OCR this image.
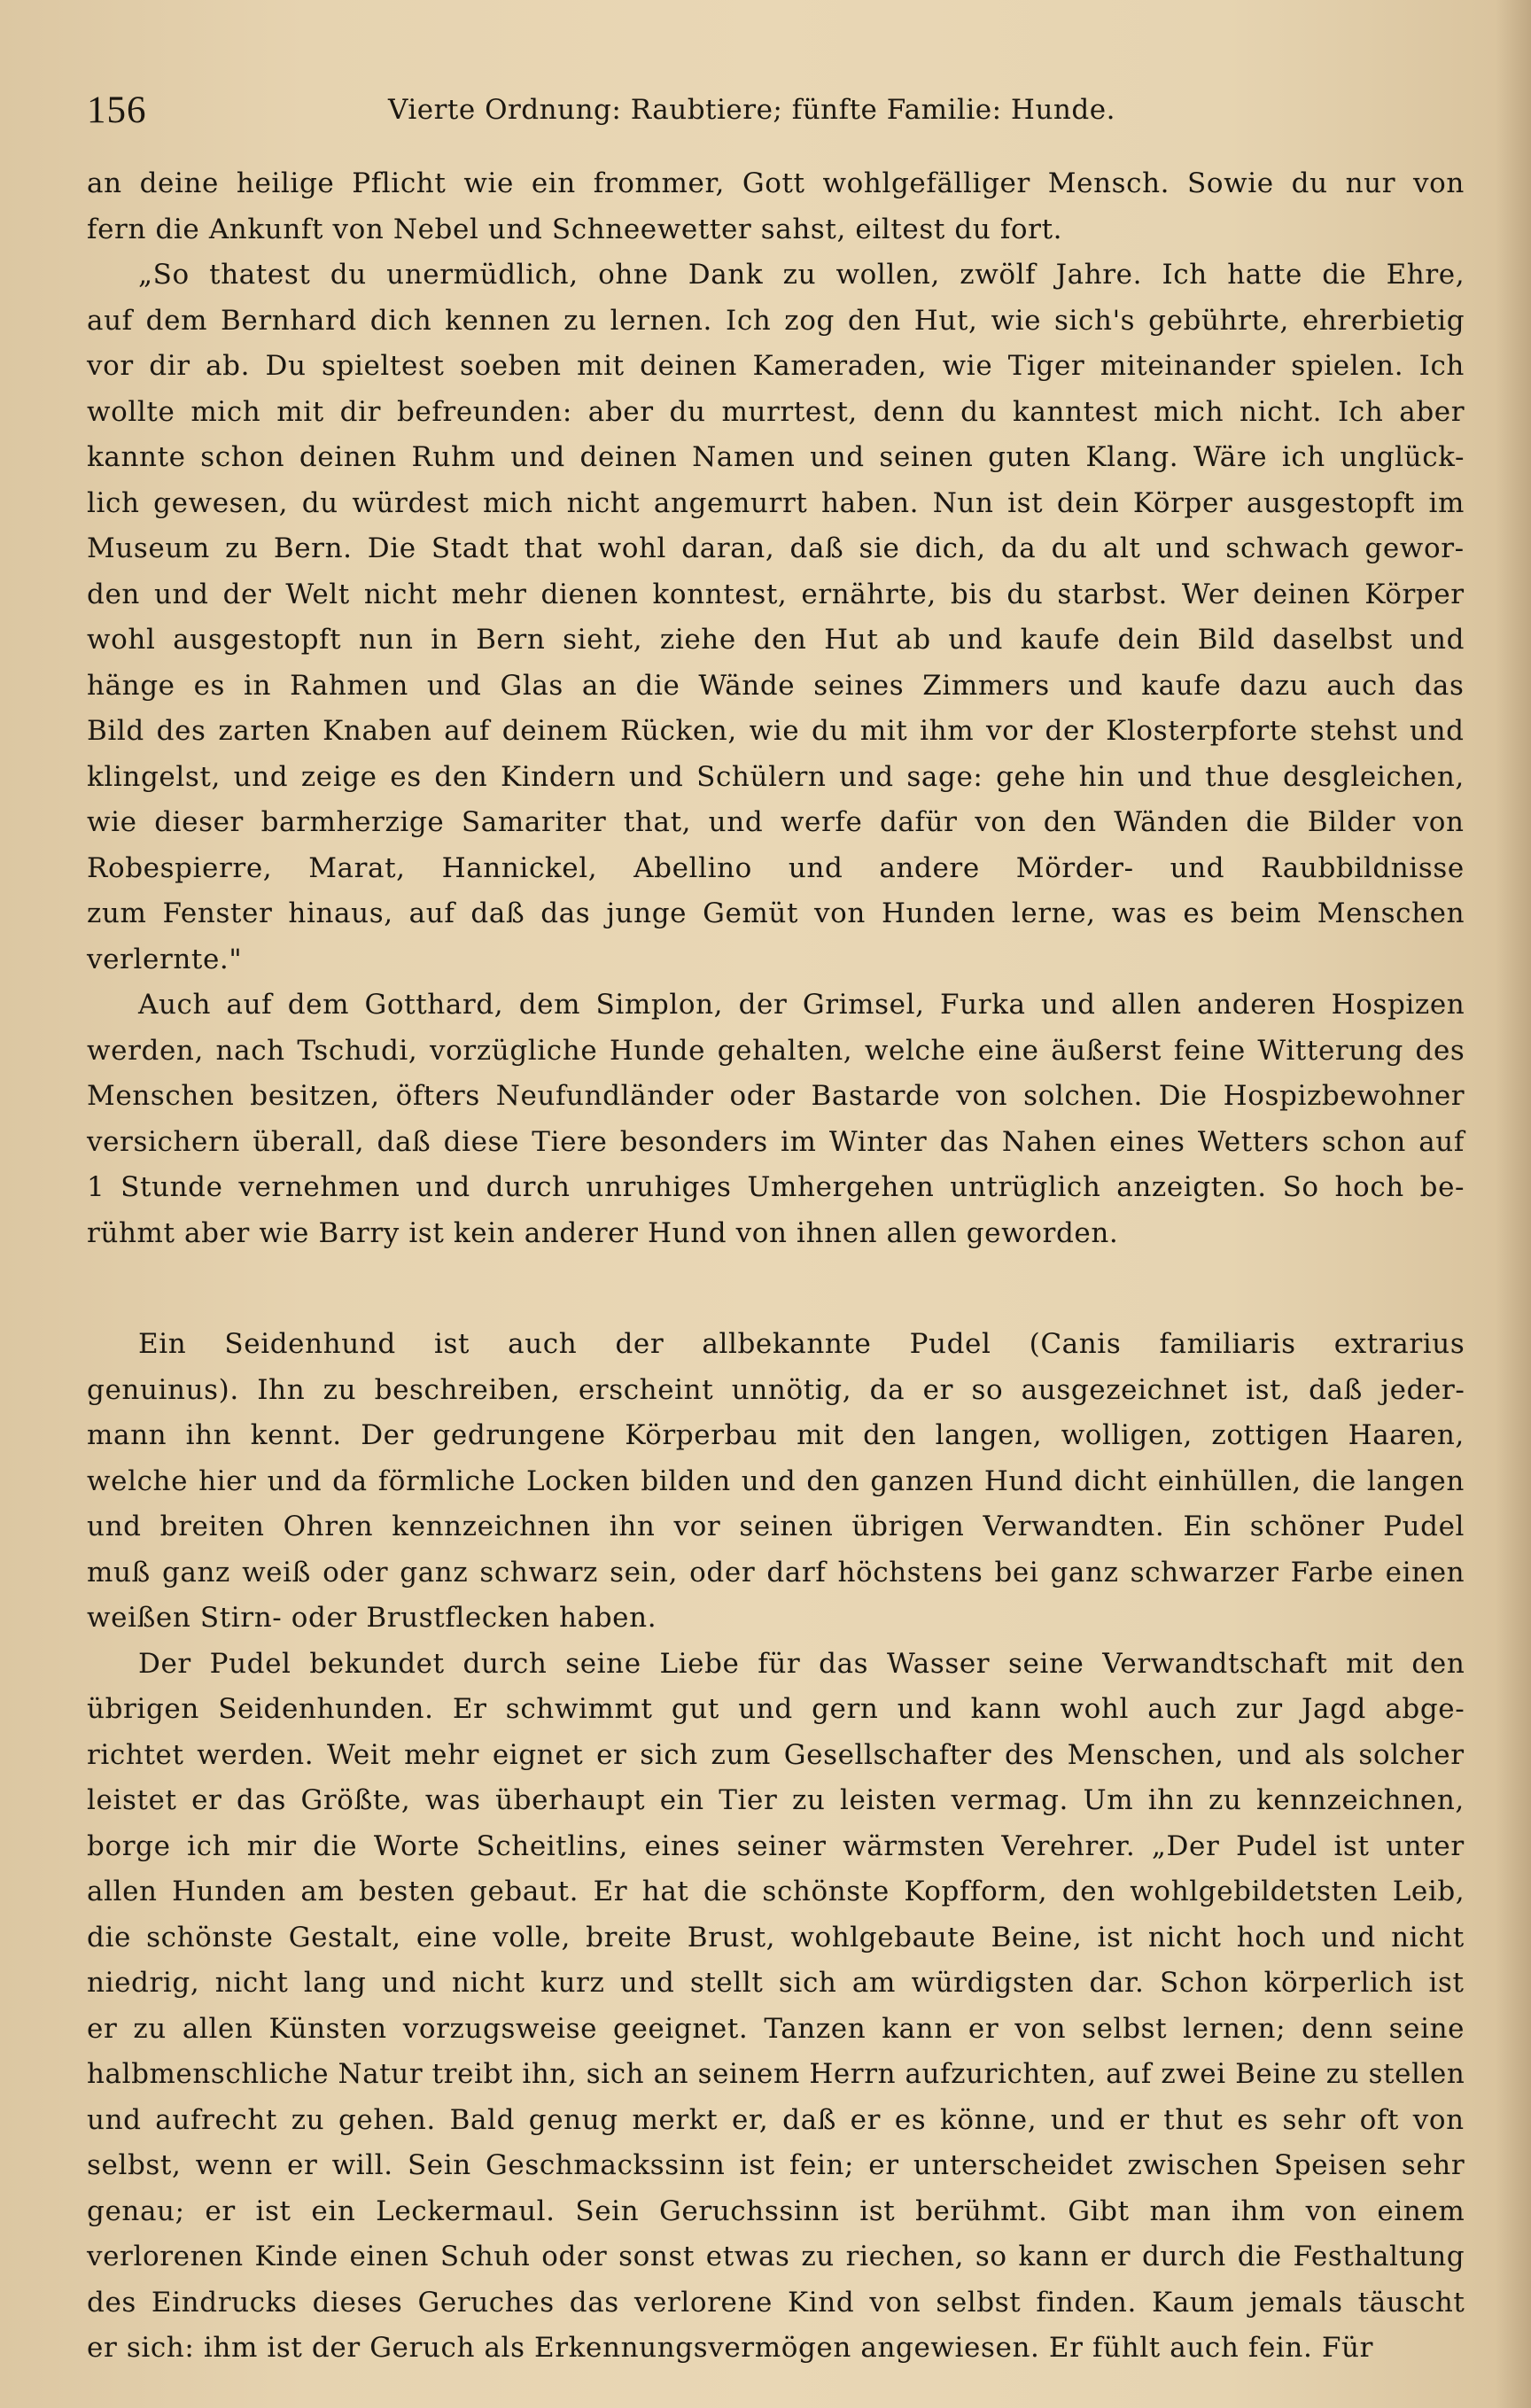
156	Vierte Ordnung: Raubtiere; fünfte Familie: Hunde.
an deine heilige Pflicht wie ein frommer, Gott wohlgefälliger Mensch. Sowie du nur von
fern die Ankunft von Nebel und Schneewetter sahst, eiltest du fort.
„So thatest du unermüdlich, ohne Dank zu wollen, zwölf Jahre. Ich hatte die Ehre,
auf dem Bernhard dich kennen zu lernen. Ich zog den Hut, wie sich's gebührte, ehrerbietig
vor dir ab. Du spieltest soeben mit deinen Kameraden, wie Tiger miteinander spielen. Ich
wollte mich mit dir befreunden: aber du murrtest, denn du kanntest mich nicht. Ich aber
kannte schon deinen Ruhm und deinen Namen und seinen guten Klang. Wäre ich unglück-
lich gewesen, du würdest mich nicht angemurrt haben. Nun ist dein Körper ausgestopft im
Museum zu Bern. Die Stadt that wohl daran, daß sie dich, da du alt und schwach gewor-
den und der Welt nicht mehr dienen konntest, ernährte, bis du starbst. Wer deinen Körper
wohl ausgestopft nun in Bern sieht, ziehe den Hut ab und kaufe dein Bild daselbst und
hänge es in Rahmen und Glas an die Wände seines Zimmers und kaufe dazu auch das
Bild des zarten Knaben auf deinem Rücken, wie du mit ihm vor der Klosterpforte stehst und
klingelst, und zeige es den Kindern und Schülern und sage: gehe hin und thue desgleichen,
wie dieser barmherzige Samariter that, und werfe dafür von den Wänden die Bilder von
Robespierre, Marat, Hannickel, Abellino und andere Mörder- und Raubbildnisse
zum Fenster hinaus, auf daß das junge Gemüt von Hunden lerne, was es beim Menschen
verlernte."
Auch auf dem Gotthard, dem Simplon, der Grimsel, Furka und allen anderen Hospizen
werden, nach Tschudi, vorzügliche Hunde gehalten, welche eine äußerst feine Witterung des
Menschen besitzen, öfters Neufundländer oder Bastarde von solchen. Die Hospizbewohner
versichern überall, daß diese Tiere besonders im Winter das Nahen eines Wetters schon auf
1 Stunde vernehmen und durch unruhiges Umhergehen untrüglich anzeigten. So hoch be-
rühmt aber wie Barry ist kein anderer Hund von ihnen allen geworden.
Ein Seidenhund ist auch der allbekannte Pudel (Canis familiaris extrarius
genuinus). Ihn zu beschreiben, erscheint unnötig, da er so ausgezeichnet ist, daß jeder-
mann ihn kennt. Der gedrungene Körperbau mit den langen, wolligen, zottigen Haaren,
welche hier und da förmliche Locken bilden und den ganzen Hund dicht einhüllen, die langen
und breiten Ohren kennzeichnen ihn vor seinen übrigen Verwandten. Ein schöner Pudel
muß ganz weiß oder ganz schwarz sein, oder darf höchstens bei ganz schwarzer Farbe einen
weißen Stirn- oder Brustflecken haben.
Der Pudel bekundet durch seine Liebe für das Wasser seine Verwandtschaft mit den
übrigen Seidenhunden. Er schwimmt gut und gern und kann wohl auch zur Jagd abge-
richtet werden. Weit mehr eignet er sich zum Gesellschafter des Menschen, und als solcher
leistet er das Größte, was überhaupt ein Tier zu leisten vermag. Um ihn zu kennzeichnen,
borge ich mir die Worte Scheitlins, eines seiner wärmsten Verehrer. „Der Pudel ist unter
allen Hunden am besten gebaut. Er hat die schönste Kopfform, den wohlgebildetsten Leib,
die schönste Gestalt, eine volle, breite Brust, wohlgebaute Beine, ist nicht hoch und nicht
niedrig, nicht lang und nicht kurz und stellt sich am würdigsten dar. Schon körperlich ist
er zu allen Künsten vorzugsweise geeignet. Tanzen kann er von selbst lernen; denn seine
halbmenschliche Natur treibt ihn, sich an seinem Herrn aufzurichten, auf zwei Beine zu stellen
und aufrecht zu gehen. Bald genug merkt er, daß er es könne, und er thut es sehr oft von
selbst, wenn er will. Sein Geschmackssinn ist fein; er unterscheidet zwischen Speisen sehr
genau; er ist ein Leckermaul. Sein Geruchssinn ist berühmt. Gibt man ihm von einem
verlorenen Kinde einen Schuh oder sonst etwas zu riechen, so kann er durch die Festhaltung
des Eindrucks dieses Geruches das verlorene Kind von selbst finden. Kaum jemals täuscht
er sich: ihm ist der Geruch als Erkennungsvermögen angewiesen. Er fühlt auch fein. Für
